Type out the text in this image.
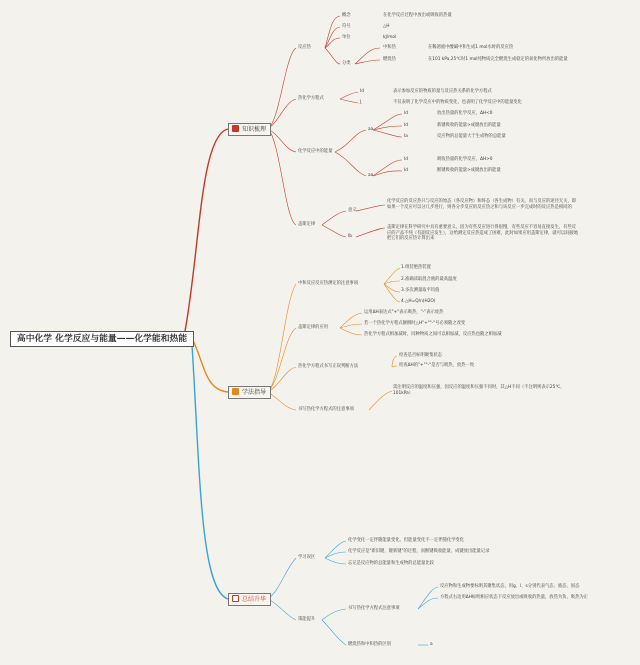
高中化学 化学反应与能量——化学能和热能
知识梳理
学法指导
总结升华
反应热
概念	在化学反应过程中放出或吸收的热量
符号	△H
单位	kJ/mol
分类
中和热	在稀溶液中酸碱中和生成1 mol水时的反应热
燃烧热	在101 kPa,25℃时1 mol纯物质完全燃烧生成稳定的氧化物所放出的能量
热化学方程式
Id	表示参加反应的物质的量与反应热关系的化学方程式
I̲	不仅表明了化学反应中的物质变化，也表明了化学反应中的能量变化
化学反应中的能量
aa
Id	放出热量的化学反应，ΔH<0
Id	新键吸收的能量>成键放出的能量
Ia	反应物的总能量大于生成物的总能量
aa
Id	吸收热量的化学反应，ΔH>0
Id	断键吸收的能量>成键放出的能量
盖斯定律
意义
化学反应的反应热只与反应的始态（各反应物）和终态（各生成物）有关，而与反应的途径无关，即如果一个反应可以分几步进行，则各分步反应的反应热之和与该反应一步完成时的反应热是相同的
Ib
盖斯定律在科学研究中具有重要意义，因为有些反应进行得很慢，有些反应不容易直接发生，有些反应的产品不纯（有副反应发生），这给测定反应热造成了困难，此时如果应用盖斯定律，就可以间接地把它们的反应热计算出来
中和反应反应热测定的注意事项
1.组装绝热装置
2.准确读取混合液的最高温度
3.多次测量取平均值
4.△H=Q/n(H2O)
盖斯定律的应用
运用ΔH表达式"+"表示吸热，"-"表示放热
若一个热化学方程式颠倒时△H"+""-"号必须随之改变
热化学方程式相加减时，同种物质之间可以相加减，反应热也随之相加减
热化学方程式书写正误判断方法
检查是否标明聚集状态
检查ΔH的"+""-"是否与吸热、放热一致
书写热化学方程式的注意事项
需注明反应的温度和压强，因反应的温度和压强不同时，其△H不同（不注明则表示25℃，101kPa）
学习误区
化学变化一定伴随能量变化，但能量变化不一定伴随化学变化
化学反应是"新旧键，键新键"的过程，而断键吸收能量，成键放出能量记录
忘记是反应物的总能量和生成物的总能量比较
策能提升
书写热化学方程式注意事项
反应物和生成物要标明其聚集状态，用g、l、s分别代表气态、液态、固态
方程式右边用ΔH标明相应状态下反应放出或吸收的热量，放热为负、吸热为正
燃烧热和中和热的区别	a
